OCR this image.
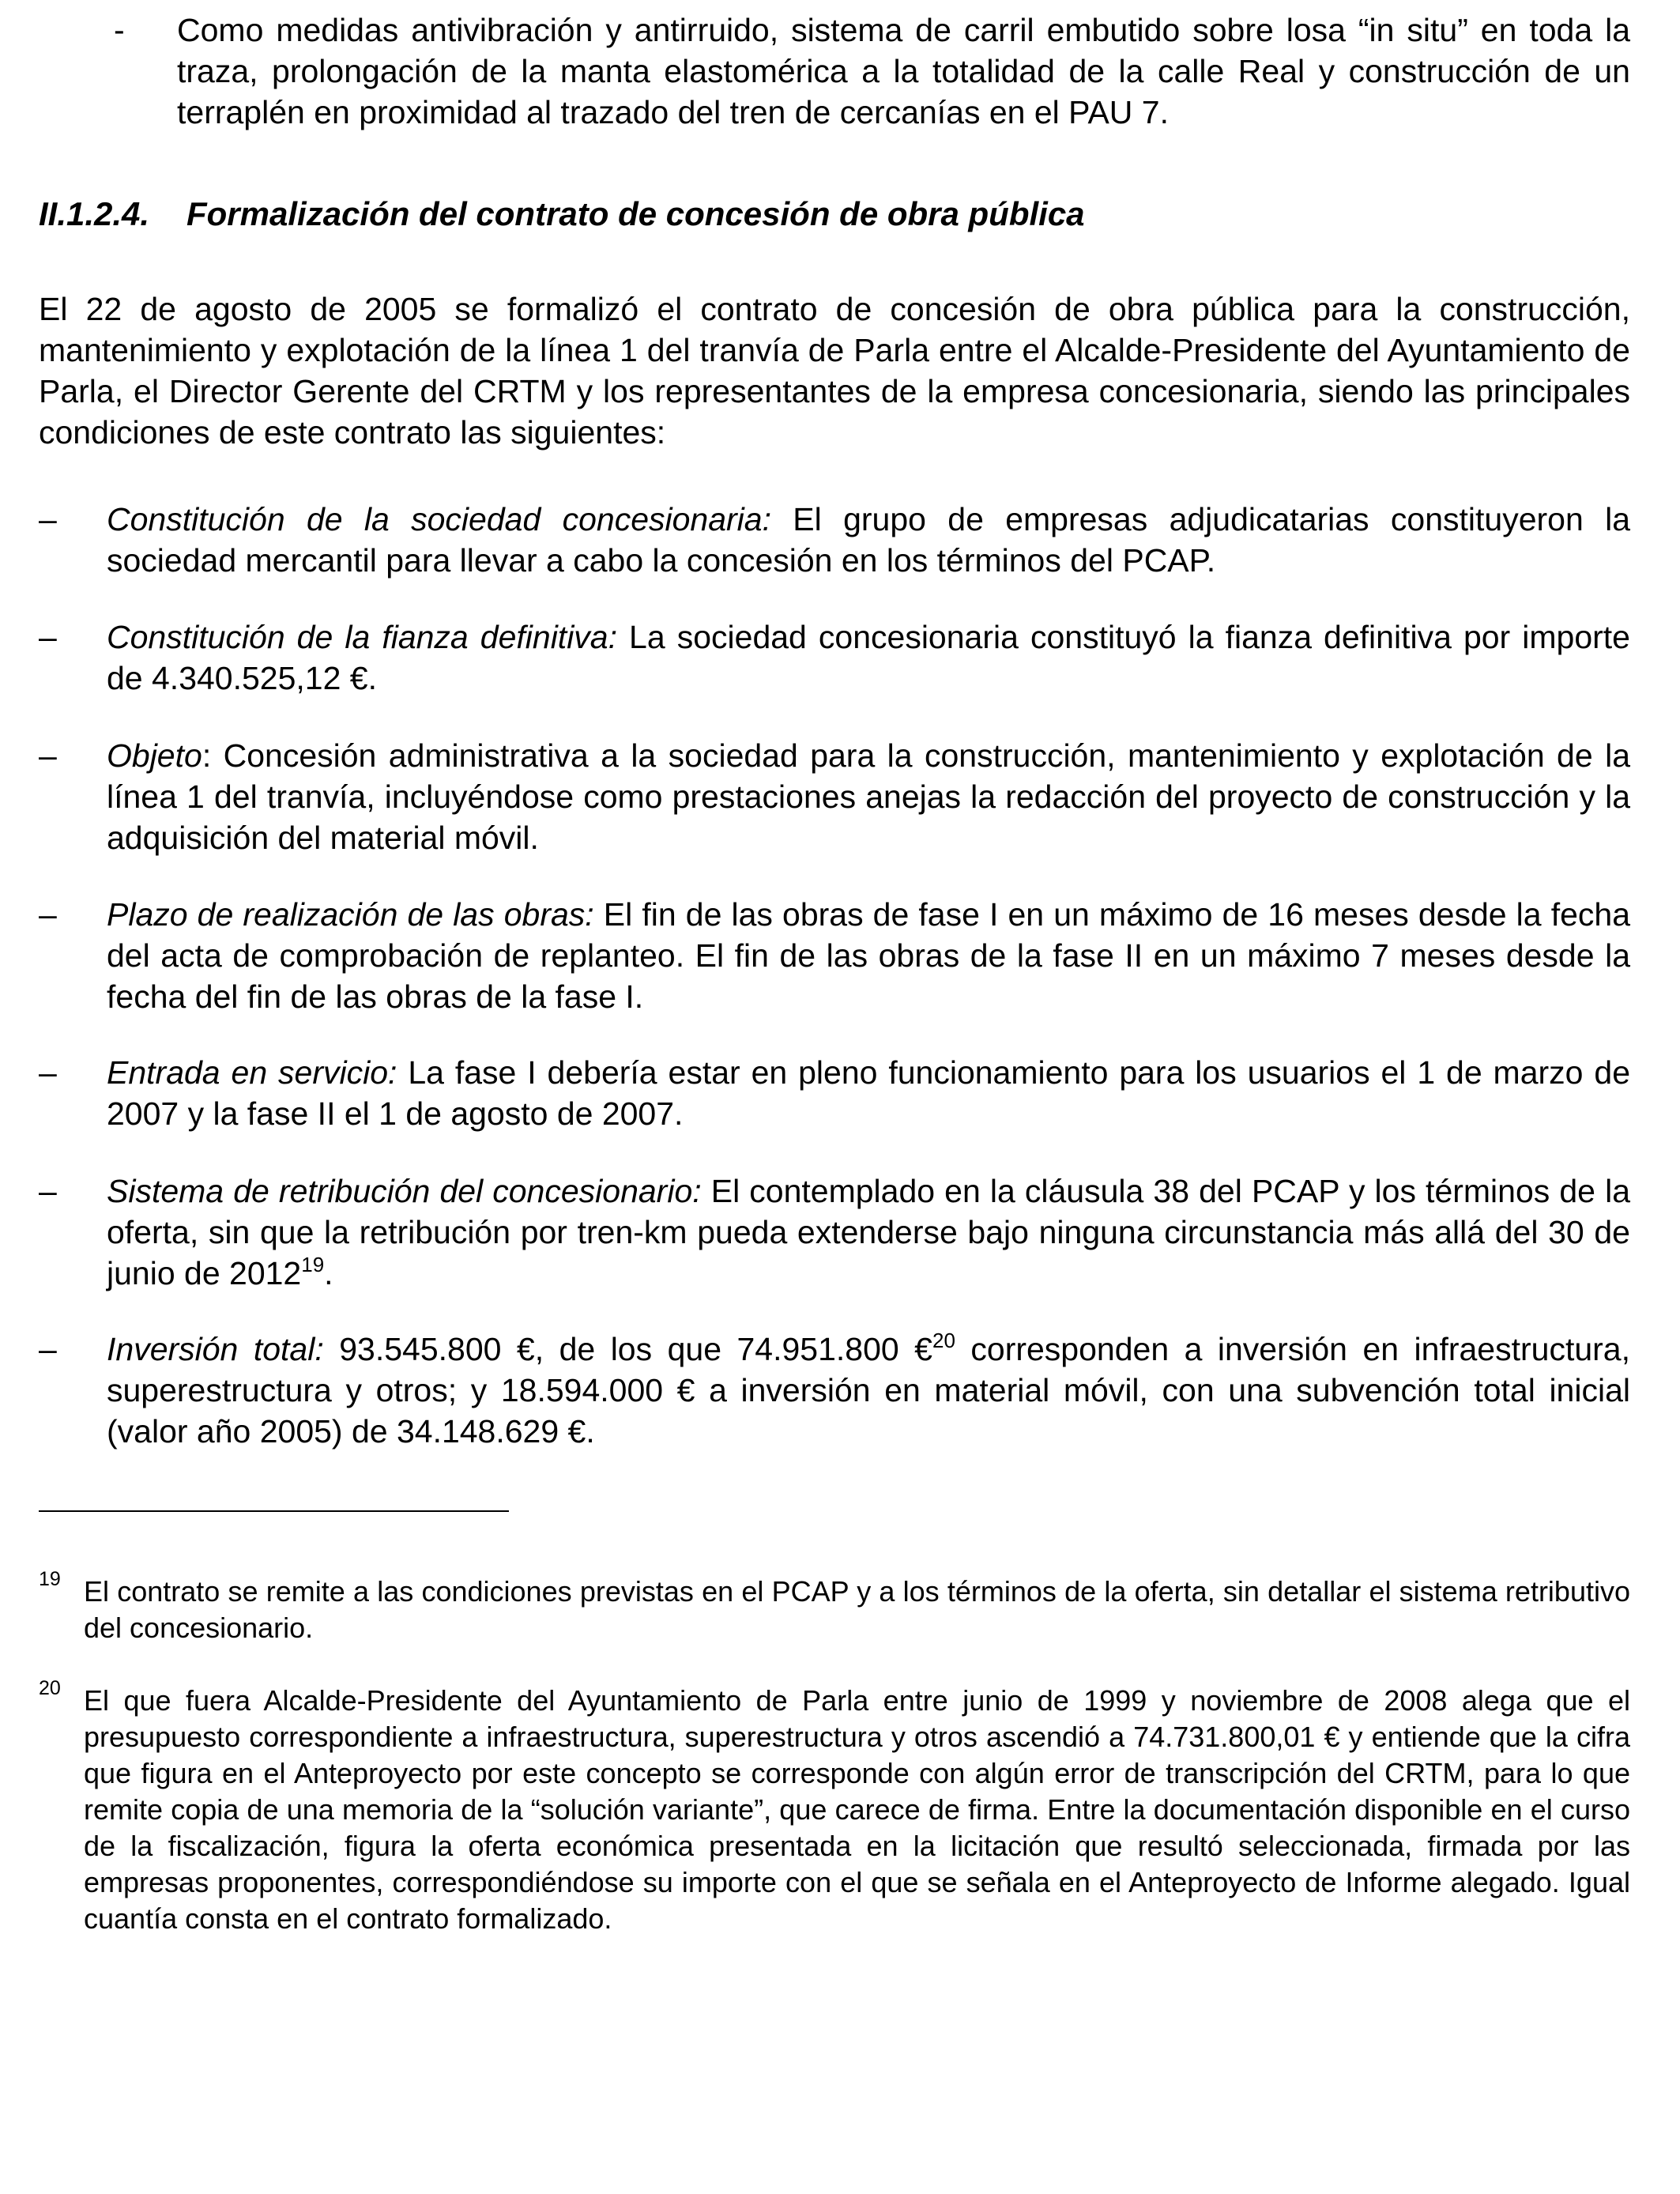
-	Como medidas antivibración y antirruido, sistema de carril embutido sobre losa “in situ” en toda la traza, prolongación de la manta elastomérica a la totalidad de la calle Real y construcción de un terraplén en proximidad al trazado del tren de cercanías en el PAU 7.
II.1.2.4. Formalización del contrato de concesión de obra pública
El 22 de agosto de 2005 se formalizó el contrato de concesión de obra pública para la construcción, mantenimiento y explotación de la línea 1 del tranvía de Parla entre el Alcalde-Presidente del Ayuntamiento de Parla, el Director Gerente del CRTM y los representantes de la empresa concesionaria, siendo las principales condiciones de este contrato las siguientes:
–	Constitución de la sociedad concesionaria: El grupo de empresas adjudicatarias constituyeron la sociedad mercantil para llevar a cabo la concesión en los términos del PCAP.
–	Constitución de la fianza definitiva: La sociedad concesionaria constituyó la fianza definitiva por importe de 4.340.525,12 €.
–	Objeto: Concesión administrativa a la sociedad para la construcción, mantenimiento y explotación de la línea 1 del tranvía, incluyéndose como prestaciones anejas la redacción del proyecto de construcción y la adquisición del material móvil.
–	Plazo de realización de las obras: El fin de las obras de fase I en un máximo de 16 meses desde la fecha del acta de comprobación de replanteo. El fin de las obras de la fase II en un máximo 7 meses desde la fecha del fin de las obras de la fase I.
–	Entrada en servicio: La fase I debería estar en pleno funcionamiento para los usuarios el 1 de marzo de 2007 y la fase II el 1 de agosto de 2007.
–	Sistema de retribución del concesionario: El contemplado en la cláusula 38 del PCAP y los términos de la oferta, sin que la retribución por tren-km pueda extenderse bajo ninguna circunstancia más allá del 30 de junio de 2012$^{19}$.
–	Inversión total: 93.545.800 €, de los que 74.951.800 €$^{20}$ corresponden a inversión en infraestructura, superestructura y otros; y 18.594.000 € a inversión en material móvil, con una subvención total inicial (valor año 2005) de 34.148.629 €.
19 El contrato se remite a las condiciones previstas en el PCAP y a los términos de la oferta, sin detallar el sistema retributivo del concesionario.
20 El que fuera Alcalde-Presidente del Ayuntamiento de Parla entre junio de 1999 y noviembre de 2008 alega que el presupuesto correspondiente a infraestructura, superestructura y otros ascendió a 74.731.800,01 € y entiende que la cifra que figura en el Anteproyecto por este concepto se corresponde con algún error de transcripción del CRTM, para lo que remite copia de una memoria de la “solución variante”, que carece de firma. Entre la documentación disponible en el curso de la fiscalización, figura la oferta económica presentada en la licitación que resultó seleccionada, firmada por las empresas proponentes, correspondiéndose su importe con el que se señala en el Anteproyecto de Informe alegado. Igual cuantía consta en el contrato formalizado.
